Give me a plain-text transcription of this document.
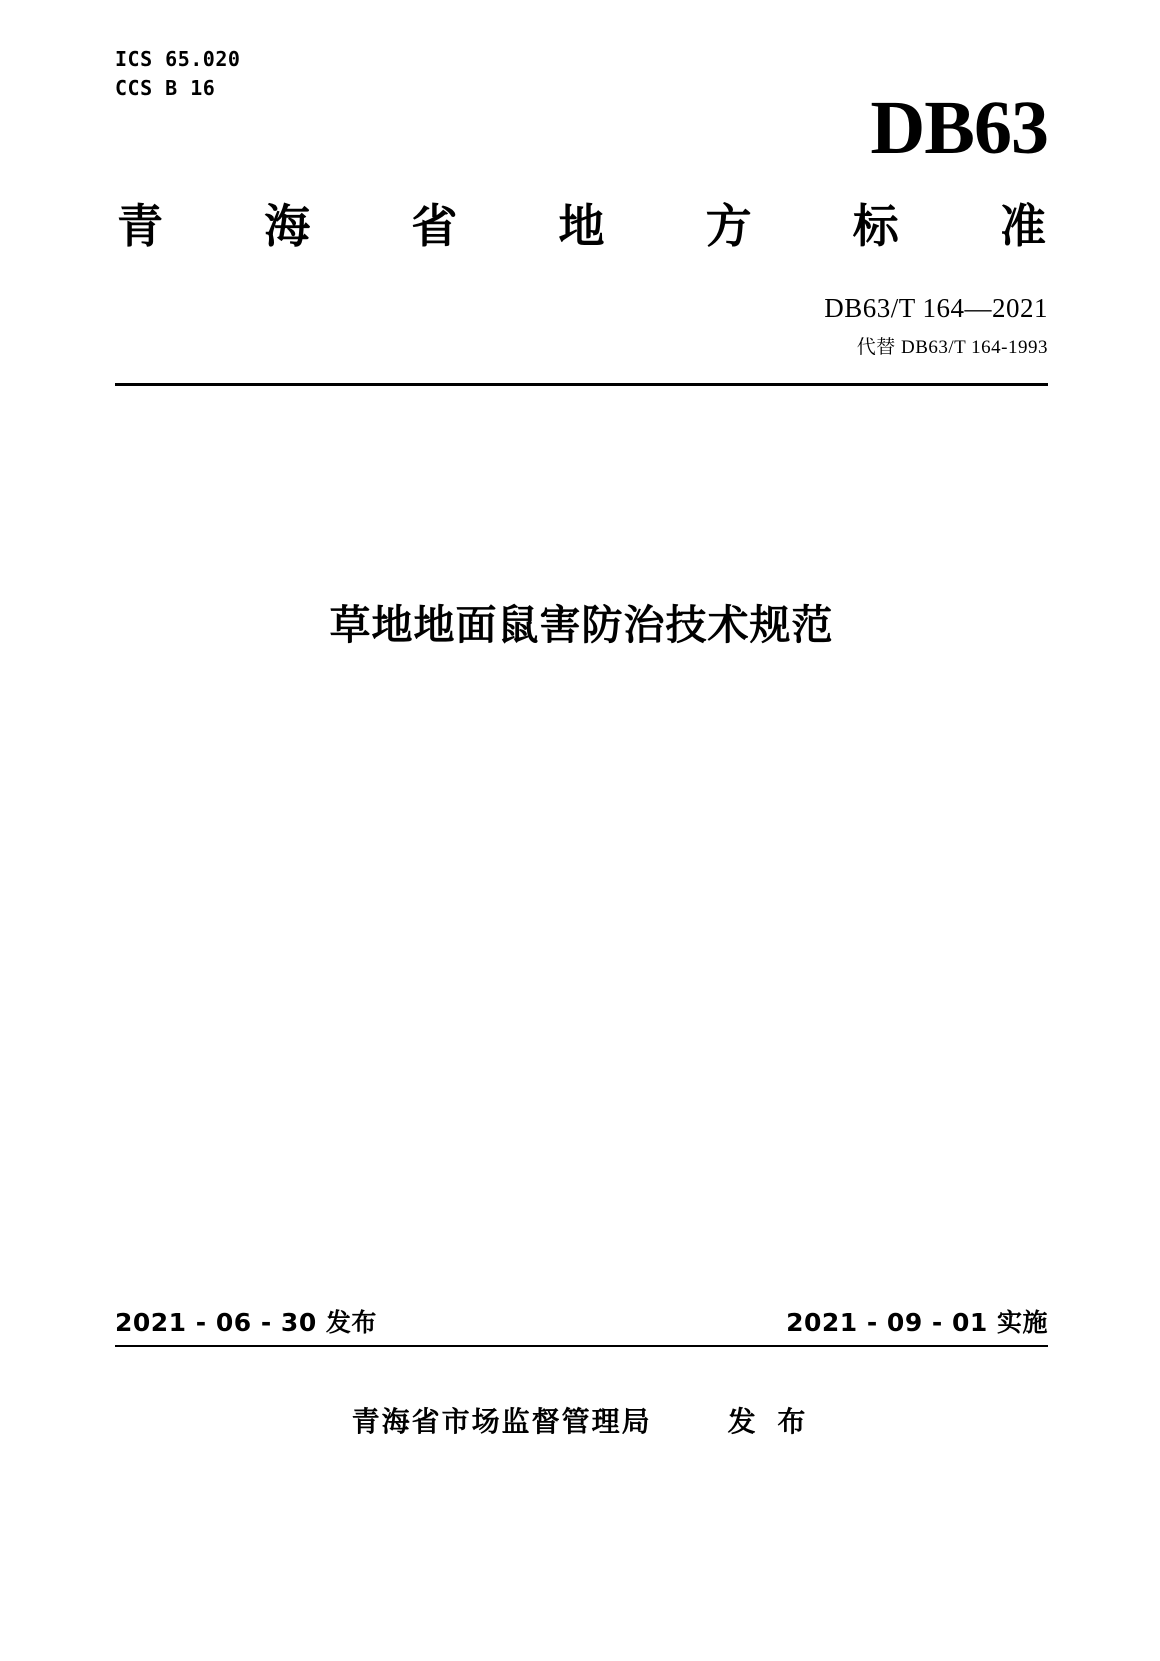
ICS 65.020
CCS B 16	DB63
青 海 省 地 方 标 准
DB63/T 164—2021
代替 DB63/T 164-1993
草地地面鼠害防治技术规范
2021 - 06 - 30 发布	2021 - 09 - 01 实施
青海省市场监督管理局	发 布
